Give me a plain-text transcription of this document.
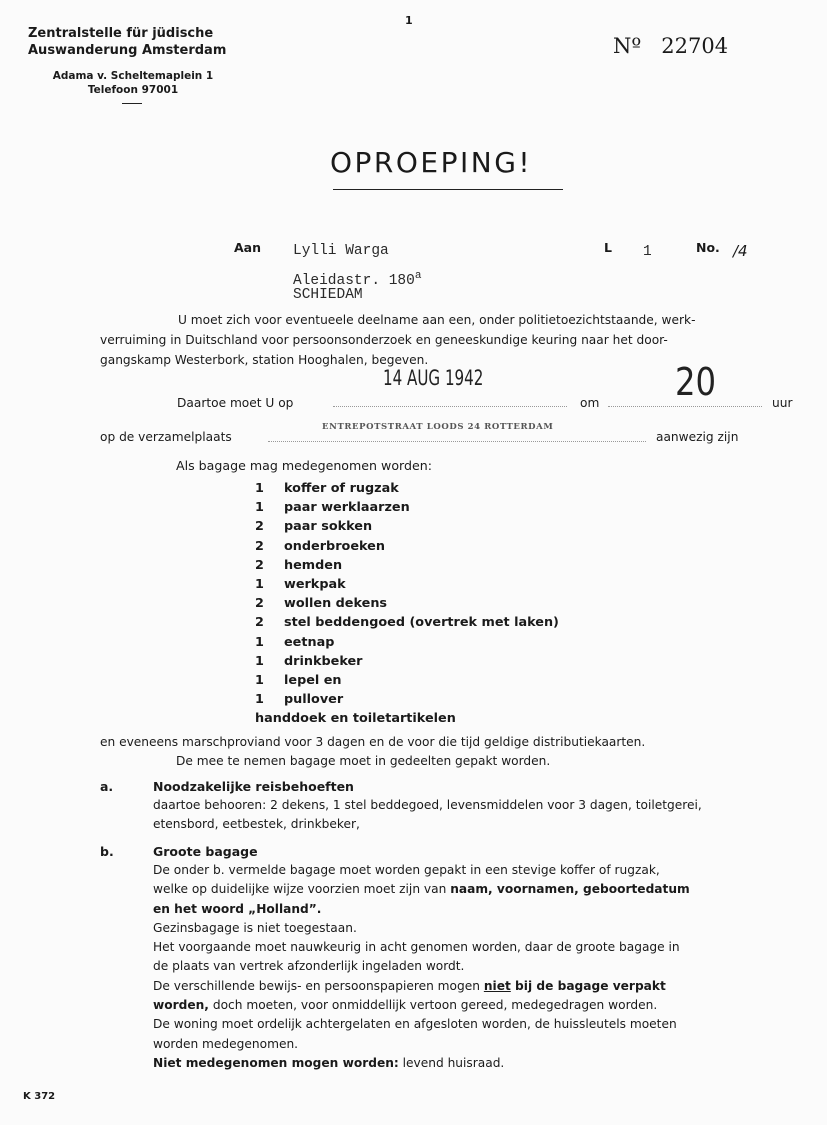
1
Zentralstelle für jüdische
Auswanderung Amsterdam
Adama v. Scheltemaplein 1
Telefoon 97001
Nº 22704
OPROEPING!
Aan Lylli Warga
Aleidastr. 180$^a$
SCHIEDAM
L 1	No. /4
U moet zich voor eventueele deelname aan een, onder politietoezichtstaande, werk-
verruiming in Duitschland voor persoonsonderzoek en geneeskundige keuring naar het door-
gangskamp Westerbork, station Hooghalen, begeven.
Daartoe moet U op
14 AUG 1942
om 20	uur
op de verzamelplaats
ENTREPOTSTRAAT LOODS 24 ROTTERDAM
aanwezig zijn
Als bagage mag medegenomen worden:
1	koffer of rugzak
1	paar werklaarzen
2	paar sokken
2	onderbroeken
2	hemden
1	werkpak
2	wollen dekens
2	stel beddengoed (overtrek met laken)
1	eetnap
1	drinkbeker
1	lepel en
1	pullover
handdoek en toiletartikelen
en eveneens marschproviand voor 3 dagen en de voor die tijd geldige distributiekaarten.
De mee te nemen bagage moet in gedeelten gepakt worden.
a.	Noodzakelijke reisbehoeften
daartoe behooren: 2 dekens, 1 stel beddegoed, levensmiddelen voor 3 dagen, toiletgerei,
etensbord, eetbestek, drinkbeker,
b.	Groote bagage
De onder b. vermelde bagage moet worden gepakt in een stevige koffer of rugzak,
welke op duidelijke wijze voorzien moet zijn van naam, voornamen, geboortedatum
en het woord „Holland”.
Gezinsbagage is niet toegestaan.
Het voorgaande moet nauwkeurig in acht genomen worden, daar de groote bagage in
de plaats van vertrek afzonderlijk ingeladen wordt.
De verschillende bewijs- en persoonspapieren mogen niet bij de bagage verpakt
worden, doch moeten, voor onmiddellijk vertoon gereed, medegedragen worden.
De woning moet ordelijk achtergelaten en afgesloten worden, de huissleutels moeten
worden medegenomen.
Niet medegenomen mogen worden: levend huisraad.
K 372
